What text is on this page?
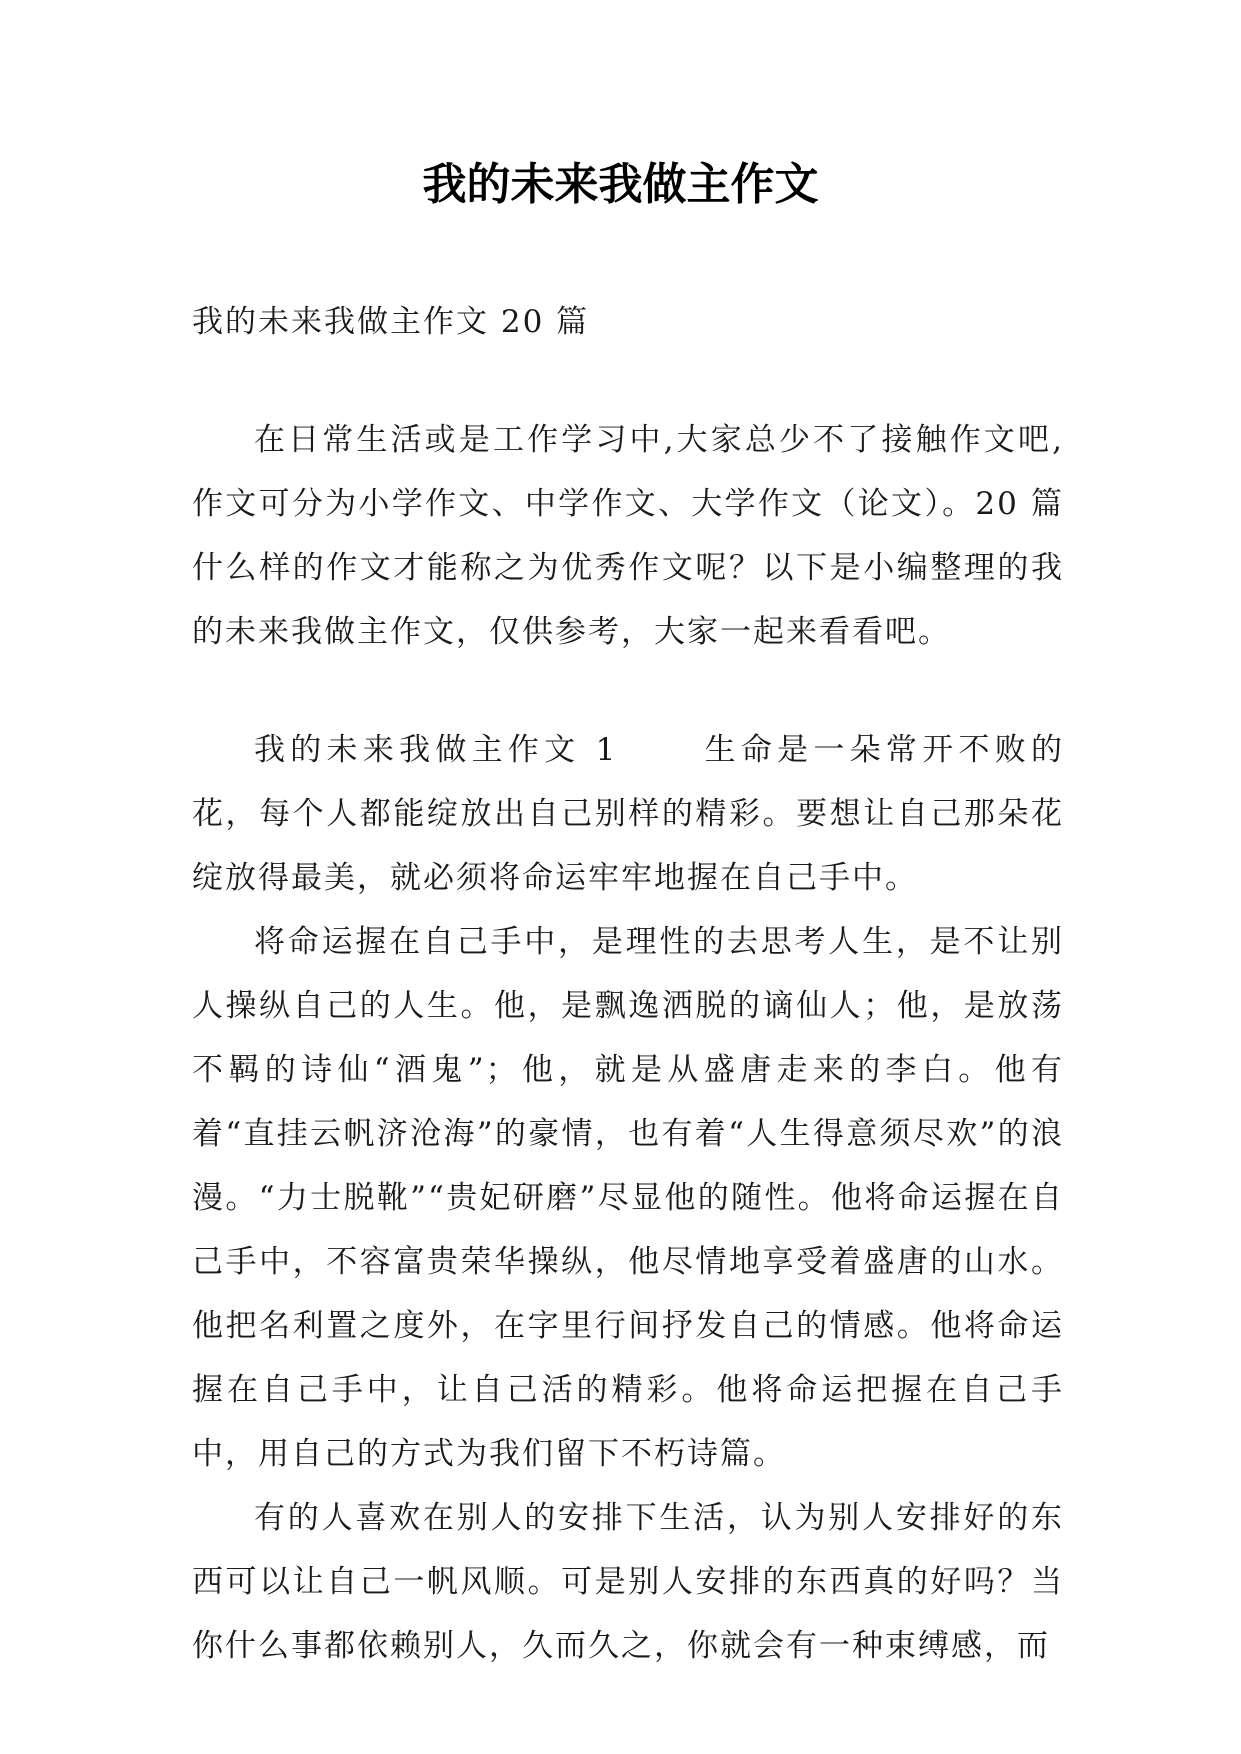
我的未来我做主作文

我的未来我做主作文 20 篇

在日常生活或是工作学习中,大家总少不了接触作文吧,作文可分为小学作文、中学作文、大学作文（论文）。20 篇什么样的作文才能称之为优秀作文呢？以下是小编整理的我的未来我做主作文，仅供参考，大家一起来看看吧。

我的未来我做主作文 1	生命是一朵常开不败的花，每个人都能绽放出自己别样的精彩。要想让自己那朵花绽放得最美，就必须将命运牢牢地握在自己手中。

将命运握在自己手中，是理性的去思考人生，是不让别人操纵自己的人生。他，是飘逸洒脱的谪仙人；他，是放荡不羁的诗仙“酒鬼”；他，就是从盛唐走来的李白。他有着“直挂云帆济沧海”的豪情，也有着“人生得意须尽欢”的浪漫。“力士脱靴”“贵妃研磨”尽显他的随性。他将命运握在自己手中，不容富贵荣华操纵，他尽情地享受着盛唐的山水。他把名利置之度外，在字里行间抒发自己的情感。他将命运握在自己手中，让自己活的精彩。他将命运把握在自己手中，用自己的方式为我们留下不朽诗篇。

有的人喜欢在别人的安排下生活，认为别人安排好的东西可以让自己一帆风顺。可是别人安排的东西真的好吗？当你什么事都依赖别人，久而久之，你就会有一种束缚感，而
